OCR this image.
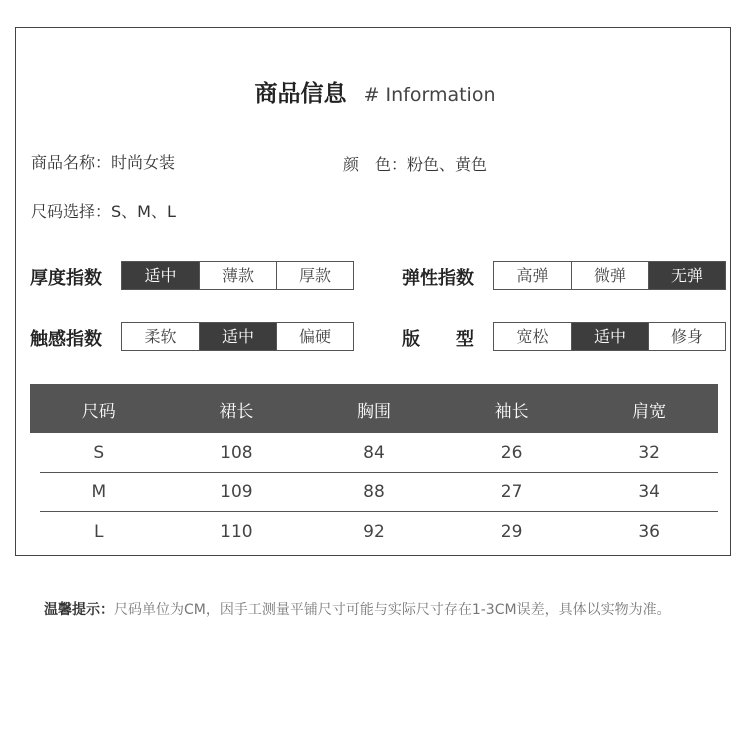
商品信息 # Information
商品名称：时尚女装	颜　色：粉色、黄色
尺码选择：S、M、L
厚度指数	适中	薄款	厚款	弹性指数	高弹	微弹	无弹
触感指数	柔软	适中	偏硬	版　　型	宽松	适中	修身
尺码	裙长	胸围	袖长	肩宽
S	108	84	26	32
M	109	88	27	34
L	110	92	29	36
温馨提示：尺码单位为CM，因手工测量平铺尺寸可能与实际尺寸存在1-3CM误差，具体以实物为准。
